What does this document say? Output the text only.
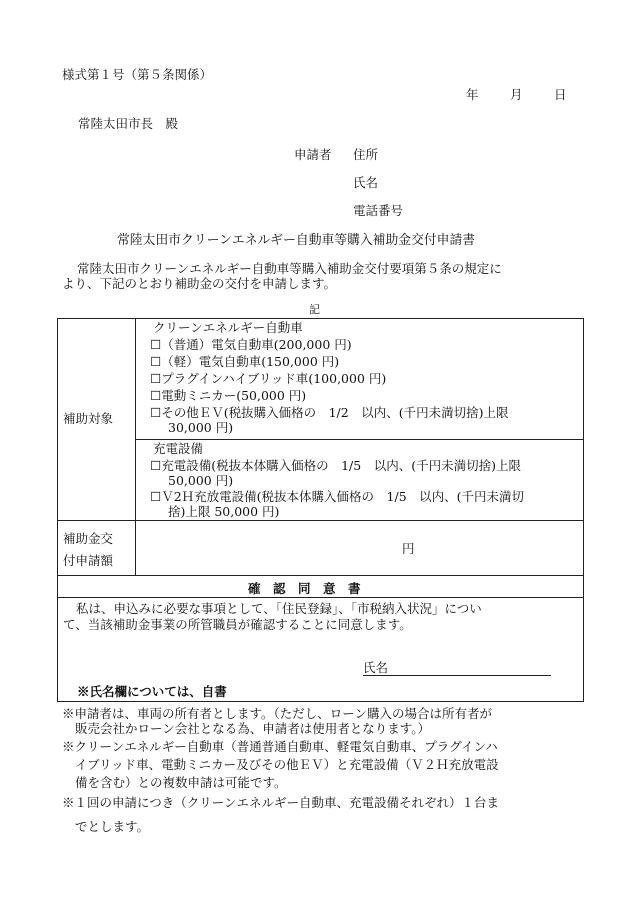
様式第１号（第５条関係）
年	月	日
常陸太田市長　殿
申請者 住所
氏名
電話番号
常陸太田市クリーンエネルギー自動車等購入補助金交付申請書
常陸太田市クリーンエネルギー自動車等購入補助金交付要項第５条の規定に
より、下記のとおり補助金の交付を申請します。
記
補助対象
クリーンエネルギー自動車
☐（普通）電気自動車(200,000 円)
☐（軽）電気自動車(150,000 円)
☐プラグインハイブリッド車(100,000 円)
☐電動ミニカー(50,000 円)
☐その他ＥＶ(税抜購入価格の　1/2　以内、(千円未満切捨)上限
30,000 円)
充電設備
☐充電設備(税抜本体購入価格の　1/5　以内、(千円未満切捨)上限
50,000 円)
☐Ｖ2Ｈ充放電設備(税抜本体購入価格の　1/5　以内、(千円未満切
捨)上限 50,000 円)
補助金交
付申請額
円
確　認　同　意　書
私は、申込みに必要な事項として、「住民登録」、「市税納入状況」につい
て、当該補助金事業の所管職員が確認することに同意します。
氏名
※氏名欄については、自書
※申請者は、車両の所有者とします。（ただし、ローン購入の場合は所有者が
販売会社かローン会社となる為、申請者は使用者となります。）
※クリーンエネルギー自動車（普通普通自動車、軽電気自動車、プラグインハ
イブリッド車、電動ミニカー及びその他ＥＶ）と充電設備（Ｖ２Ｈ充放電設
備を含む）との複数申請は可能です。
※１回の申請につき（クリーンエネルギー自動車、充電設備それぞれ）１台ま
でとします。
